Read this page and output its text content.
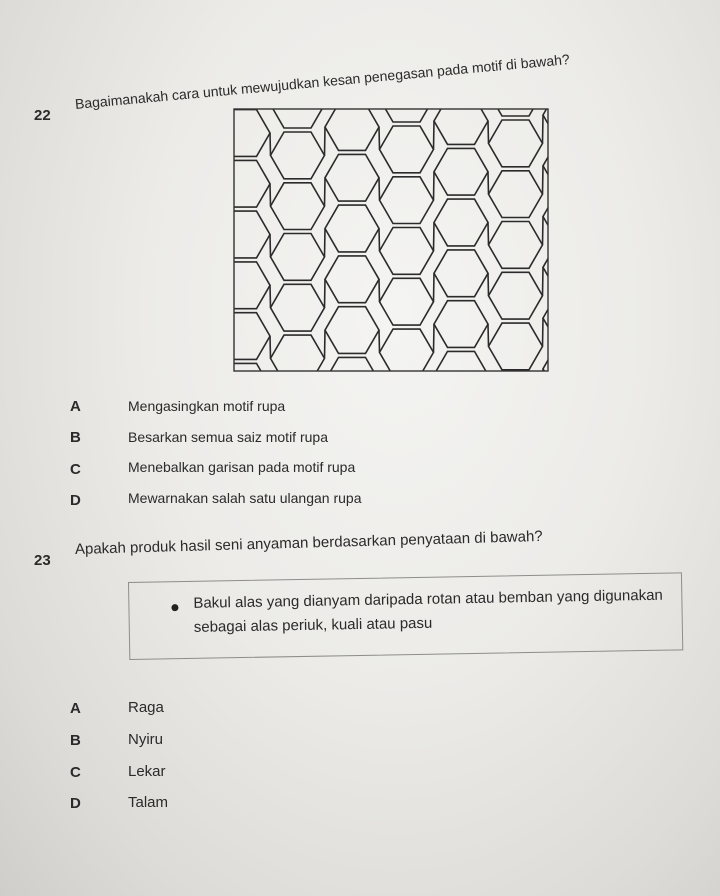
22
Bagaimanakah cara untuk mewujudkan kesan penegasan pada motif di bawah?
A	Mengasingkan motif rupa
B	Besarkan semua saiz motif rupa
C	Menebalkan garisan pada motif rupa
D	Mewarnakan salah satu ulangan rupa
23
Apakah produk hasil seni anyaman berdasarkan penyataan di bawah?
Bakul alas yang dianyam daripada rotan atau bemban yang digunakan sebagai alas periuk, kuali atau pasu
A	Raga
B	Nyiru
C	Lekar
D	Talam
